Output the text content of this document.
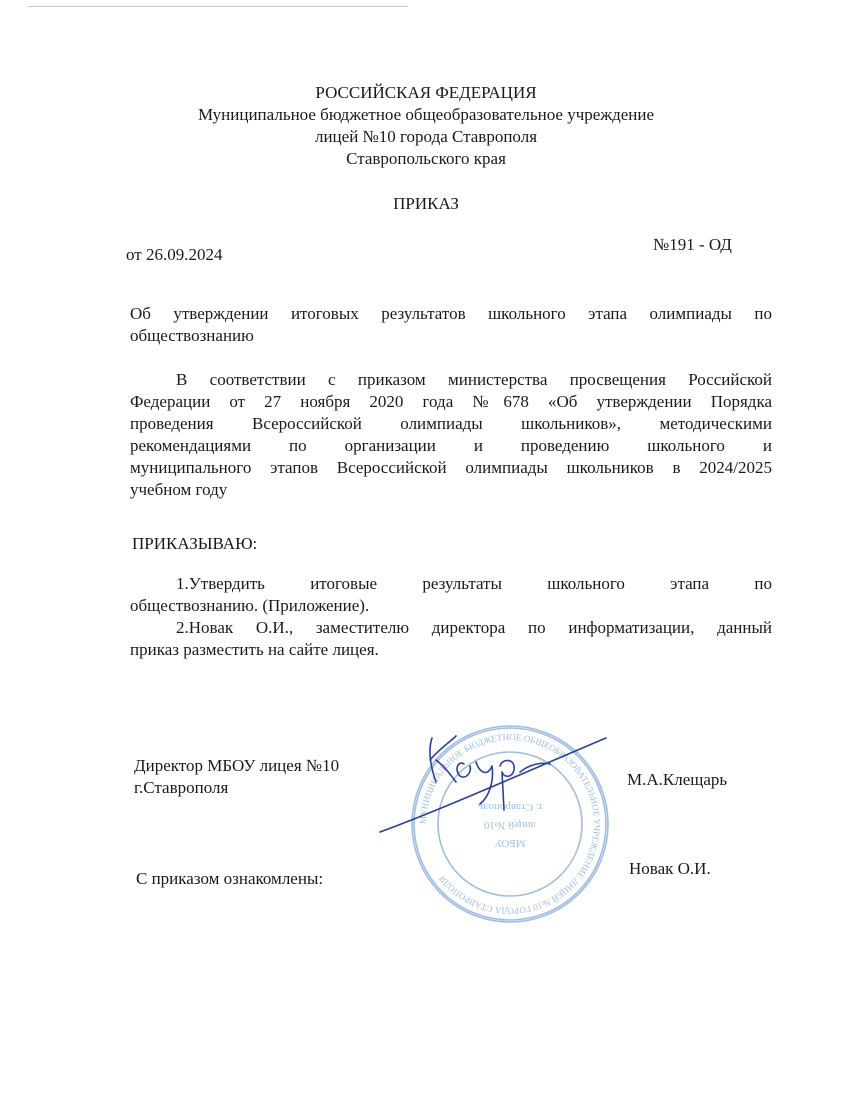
РОССИЙСКАЯ ФЕДЕРАЦИЯ
Муниципальное бюджетное общеобразовательное учреждение
лицей №10 города Ставрополя
Ставропольского края
ПРИКАЗ
от 26.09.2024
№191 - ОД
Об утверждении итоговых результатов школьного этапа олимпиады по
обществознанию
В соответствии с приказом министерства просвещения Российской
Федерации от 27 ноября 2020 года №678 «Об утверждении Порядка
проведения Всероссийской олимпиады школьников», методическими
рекомендациями по организации и проведению школьного и
муниципального этапов Всероссийской олимпиады школьников в 2024/2025
учебном году
ПРИКАЗЫВАЮ:
1.Утвердить итоговые результаты школьного этапа по
обществознанию. (Приложение).
2.Новак О.И., заместителю директора по информатизации, данный
приказ разместить на сайте лицея.
Директор МБОУ лицея №10
г.Ставрополя	М.А.Клещарь
С приказом ознакомлены:
Новак О.И.
МУНИЦИПАЛЬНОЕ БЮДЖЕТНОЕ ОБЩЕОБРАЗОВАТЕЛЬНОЕ УЧРЕЖДЕНИЕ ЛИЦЕЙ №10 ГОРОДА СТАВРОПОЛЯ
МБОУ
лицей №10
г. Ставрополь
